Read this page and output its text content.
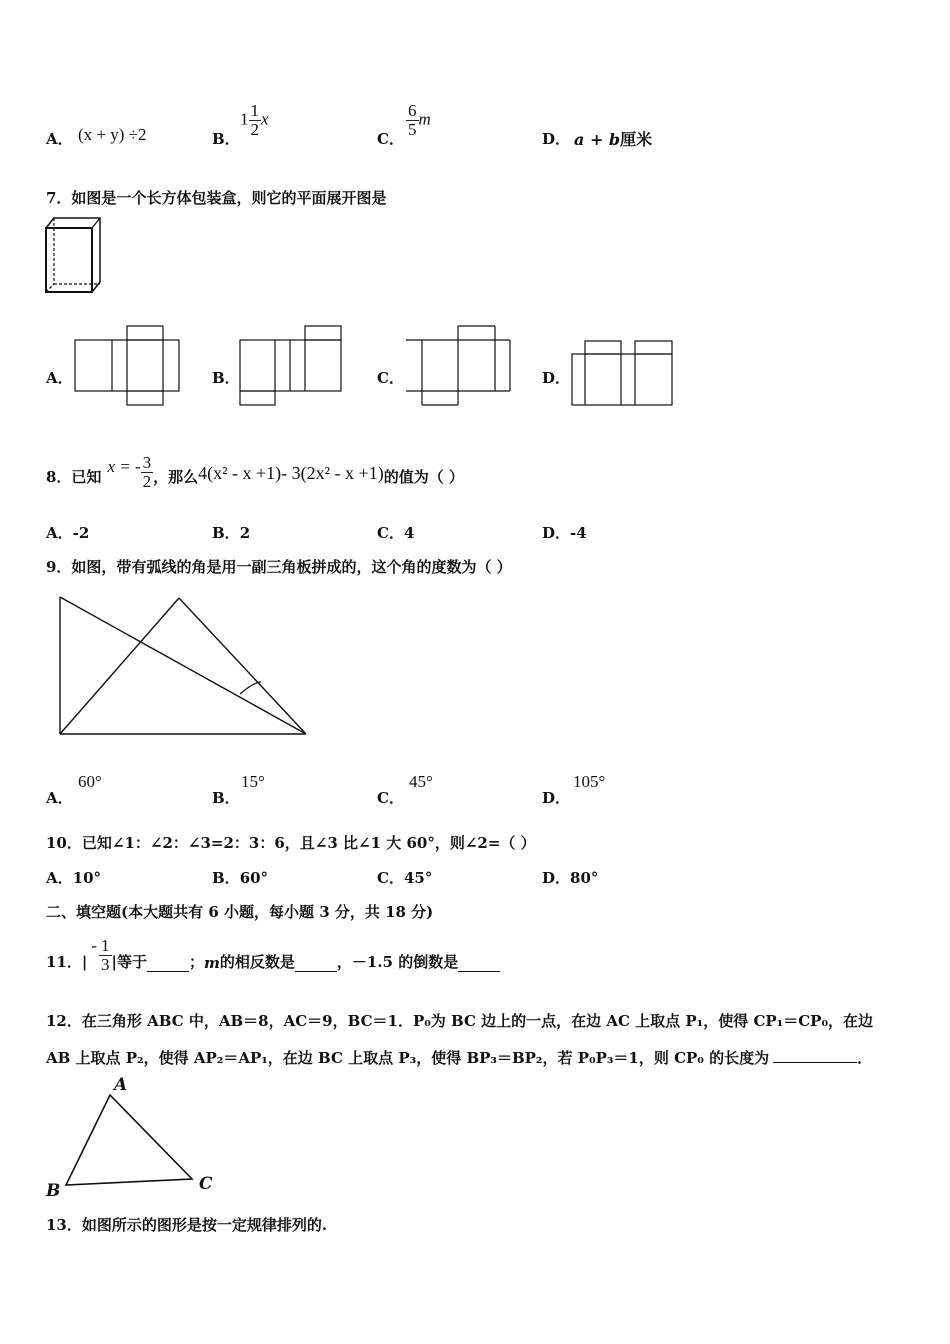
A． (x + y) ÷2	B．
$1 \frac{1}{2}$ x
C．
$\frac{6}{5}$ m
D． a + b厘米
7．如图是一个长方体包装盒，则它的平面展开图是
A．	B．	C．	D．
8．已知
x = - $\frac{3}{2}$ ，那么 4(x² - x +1)- 3(2x² - x +1) 的值为（ ）
A．-2	B．2	C．4	D．-4
9．如图，带有弧线的角是用一副三角板拼成的，这个角的度数为（ ）
A．
60°
B．
15°
C．
45°
D．
105°
10．已知∠1：∠2：∠3=2：3：6，且∠3 比∠1 大 60°，则∠2=（ ）
A．10°	B．60°	C．45°	D．80°
二、填空题(本大题共有 6 小题，每小题 3 分，共 18 分)
11．|
- $\frac{1}{3}$ |等于	； m 的相反数是	，－1.5 的倒数是
12．在三角形 ABC 中，AB＝8，AC＝9，BC＝1．P₀为 BC 边上的一点，在边 AC 上取点 P₁，使得 CP₁＝CP₀，在边
AB 上取点 P₂，使得 AP₂＝AP₁，在边 BC 上取点 P₃，使得 BP₃＝BP₂，若 P₀P₃＝1，则 CP₀ 的长度为	．
A
B	C
13．如图所示的图形是按一定规律排列的.
